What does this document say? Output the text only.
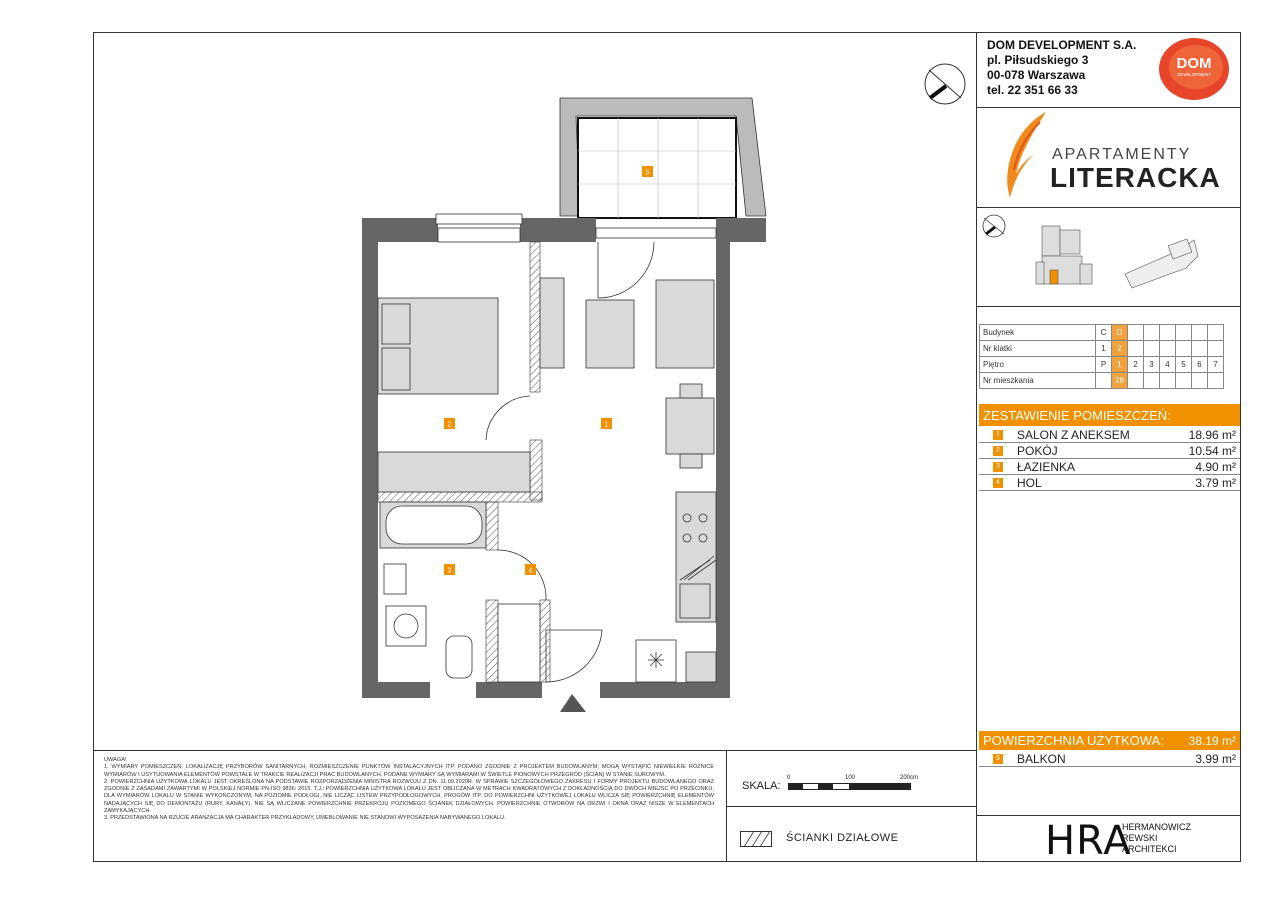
DOM DEVELOPMENT S.A.
pl. Piłsudskiego 3
00-078 Warszawa
tel. 22 351 66 33
DOM
DEVELOPMENT
APARTAMENTY
LITERACKA
Budynek	C	D						
Nr klatki	1	2						
Piętro	P	1	2	3	4	5	6	7
Nr mieszkania		28						
ZESTAWIENIE POMIESZCZEŃ:
1 SALON Z ANEKSEM	18.96 m²
2 POKÓJ	10.54 m²
3 ŁAZIENKA	4.90 m²
4 HOL	3.79 m²
POWIERZCHNIA UŻYTKOWA: 38.19 m²
5 BALKON	3.99 m²
UWAGA!
1. WYMIARY POMIESZCZEŃ, LOKALIZACJĘ PRZYBORÓW SANITARNYCH, ROZMIESZCZENIE PUNKTÓW INSTALACYJNYCH ITP. PODANO ZGODNIE Z PROJEKTEM BUDOWLANYM; MOGĄ WYSTĄPIĆ NIEWIELKIE RÓŻNICE WYMIARÓW I USYTUOWANIA ELEMENTÓW POWSTAŁE W TRAKCIE REALIZACJI PRAC BUDOWLANYCH. PODANE WYMIARY SĄ WYMIARAMI W ŚWIETLE PIONOWYCH PRZEGRÓD (ŚCIAN) W STANIE SUROWYM.
2. POWIERZCHNIA UŻYTKOWA LOKALU JEST OKREŚLONA NA PODSTAWIE ROZPORZĄDZENIA MINISTRA ROZWOJU Z DN. 11.09.2020R. W SPRAWIE SZCZEGÓŁOWEGO ZAKRESU I FORMY PROJEKTU BUDOWLANEGO ORAZ ZGODNIE Z ZASADAMI ZAWARTYMI W POLSKIEJ NORMIE PN-ISO 9836: 2015. T.J.: POWIERZCHNIA UŻYTKOWA LOKALU JEST OBLICZANA W METRACH KWADRATOWYCH Z DOKŁADNOŚCIĄ DO DWÓCH MIEJSC PO PRZECINKU, DLA WYMIARÓW LOKALU W STANIE WYKOŃCZONYM, NA POZIOMIE PODŁOGI, NIE LICZĄC LISTEW PRZYPODŁOGOWYCH, PROGÓW ITP. DO POWIERZCHNI UŻYTKOWEJ LOKALU WLICZA SIĘ POWIERZCHNIĘ ELEMENTÓW NADAJĄCYCH SIĘ DO DEMONTAŻU (RURY, KANAŁY), NIE SĄ WLICZANE POWIERZCHNIE PRZEKROJU POZIOMEGO ŚCIANEK DZIAŁOWYCH. POWIERZCHNIE OTWORÓW NA DRZWI I OKNA ORAZ NISZE W ELEMENTACH ZAMYKAJĄCYCH.
3. PRZEDSTAWIONA NA RZUCIE ARANŻACJA MA CHARAKTER PRZYKŁADOWY, UMEBLOWANIE NIE STANOWI WYPOSAŻENIA NABYWANEGO LOKALU.
SKALA:
0	100	200cm
ŚCIANKI DZIAŁOWE	HRA
HERMANOWICZ
REWSKI
ARCHITEKCI
1
2
3	4
5
